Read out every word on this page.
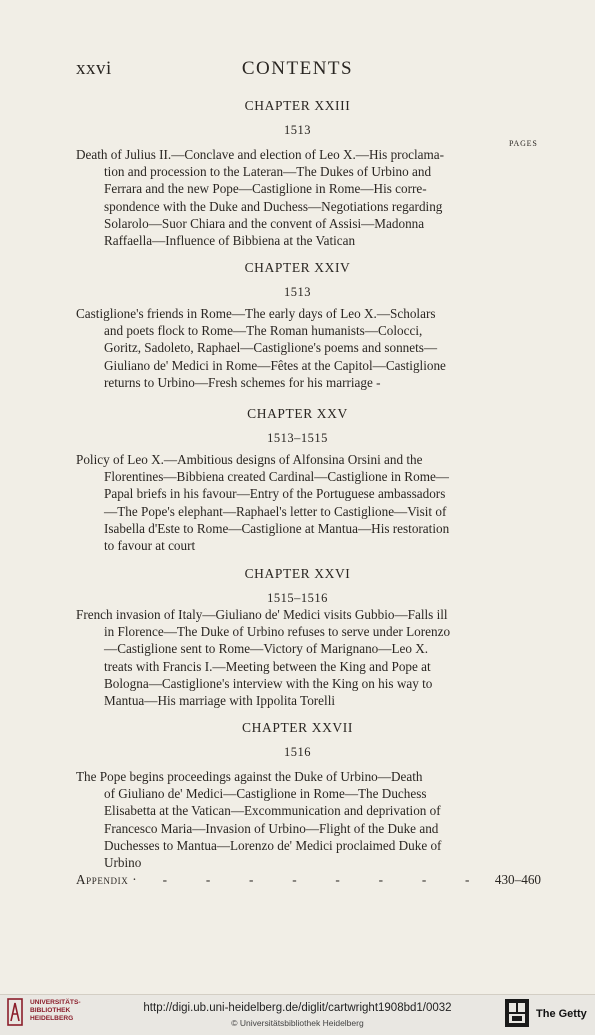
xxvi	CONTENTS
PAGES
Appendix · -	-	-	-	-	-	-	- 430–460
CHAPTER XXIII
1513
Death of Julius II.—Conclave and election of Leo X.—His proclama-
tion and procession to the Lateran—The Dukes of Urbino and
Ferrara and the new Pope—Castiglione in Rome—His corre-
spondence with the Duke and Duchess—Negotiations regarding
Solarolo—Suor Chiara and the convent of Assisi—Madonna
Raffaella—Influence of Bibbiena at the Vatican
CHAPTER XXIV
1513
Castiglione's friends in Rome—The early days of Leo X.—Scholars
and poets flock to Rome—The Roman humanists—Colocci,
Goritz, Sadoleto, Raphael—Castiglione's poems and sonnets—
Giuliano de' Medici in Rome—Fêtes at the Capitol—Castiglione
returns to Urbino—Fresh schemes for his marriage -
CHAPTER XXV
1513–1515
Policy of Leo X.—Ambitious designs of Alfonsina Orsini and the
Florentines—Bibbiena created Cardinal—Castiglione in Rome—
Papal briefs in his favour—Entry of the Portuguese ambassadors
—The Pope's elephant—Raphael's letter to Castiglione—Visit of
Isabella d'Este to Rome—Castiglione at Mantua—His restoration
to favour at court
CHAPTER XXVI
1515–1516
French invasion of Italy—Giuliano de' Medici visits Gubbio—Falls ill
in Florence—The Duke of Urbino refuses to serve under Lorenzo
—Castiglione sent to Rome—Victory of Marignano—Leo X.
treats with Francis I.—Meeting between the King and Pope at
Bologna—Castiglione's interview with the King on his way to
Mantua—His marriage with Ippolita Torelli
CHAPTER XXVII
1516
The Pope begins proceedings against the Duke of Urbino—Death
of Giuliano de' Medici—Castiglione in Rome—The Duchess
Elisabetta at the Vatican—Excommunication and deprivation of
Francesco Maria—Invasion of Urbino—Flight of the Duke and
Duchesses to Mantua—Lorenzo de' Medici proclaimed Duke of
Urbino
UNIVERSITÄTS-
BIBLIOTHEK
HEIDELBERG
http://digi.ub.uni-heidelberg.de/diglit/cartwright1908bd1/0032
© Universitätsbibliothek Heidelberg
The Getty
